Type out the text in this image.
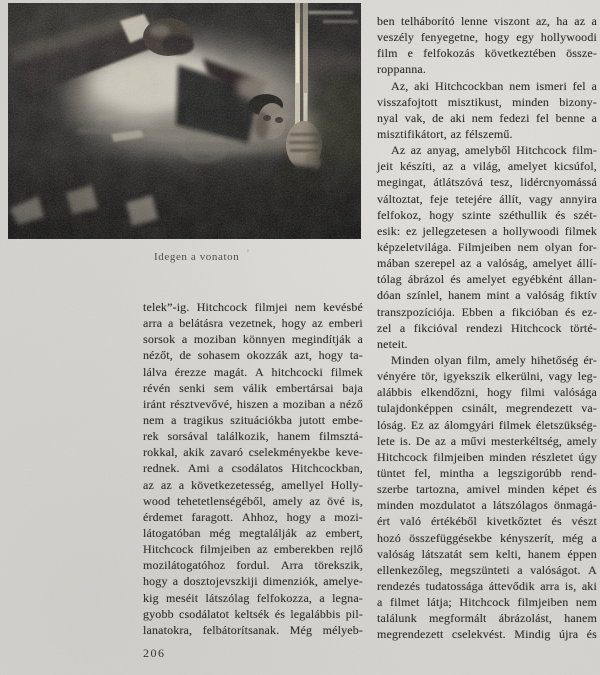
Idegen a vonaton $^ʼ$
telek”-ig. Hitchcock filmjei nem kevésbé
arra a belátásra vezetnek, hogy az emberi
sorsok a moziban könnyen megindítják a
nézőt, de sohasem okozzák azt, hogy ta-
lálva érezze magát. A hitchcocki filmek
révén senki sem válik embertársai baja
iránt résztvevővé, hiszen a moziban a néző
nem a tragikus szituációkba jutott embe-
rek sorsával találkozik, hanem filmsztá-
rokkal, akik zavaró cselekményekbe keve-
rednek. Ami a csodálatos Hitchcockban,
az az a következetesség, amellyel Holly-
wood tehetetlenségéből, amely az övé is,
érdemet faragott. Ahhoz, hogy a mozi-
látogatóban még megtalálják az embert,
Hitchcock filmjeiben az emberekben rejlő
mozilátogatóhoz fordul. Arra törekszik,
hogy a dosztojevszkiji dimenziók, amelye-
kig meséit látszólag felfokozza, a legna-
gyobb csodálatot keltsék és legalábbis pil-
lanatokra, felbátorítsanak. Még mélyeb-
ben telháborító lenne viszont az, ha az a
veszély fenyegetne, hogy egy hollywoodi
film e felfokozás következtében össze-
roppanna.
Az, aki Hitchcockban nem ismeri fel a
visszafojtott misztikust, minden bizony-
nyal vak, de aki nem fedezi fel benne a
misztifikátort, az félszemű.
Az az anyag, amelyből Hitchcock film-
jeit készíti, az a világ, amelyet kicsúfol,
megingat, átlátszóvá tesz, lidércnyomássá
változtat, feje tetejére állít, vagy annyira
felfokoz, hogy szinte széthullik és szét-
esik: ez jellegzetesen a hollywoodi filmek
képzeletvilága. Filmjeiben nem olyan for-
mában szerepel az a valóság, amelyet állí-
tólag ábrázol és amelyet egyébként állan-
dóan színlel, hanem mint a valóság fiktív
transzpozíciója. Ebben a fikcióban és ez-
zel a fikcióval rendezi Hitchcock törté-
neteit.
Minden olyan film, amely hihetőség ér-
vényére tör, igyekszik elkerülni, vagy leg-
alábbis elkendőzni, hogy filmi valósága
tulajdonképpen csinált, megrendezett va-
lóság. Ez az álomgyári filmek életszükség-
lete is. De az a művi mesterkéltség, amely
Hitchcock filmjeiben minden részletet úgy
tüntet fel, mintha a legszigorúbb rend-
szerbe tartozna, amivel minden képet és
minden mozdulatot a látszólagos önmagá-
ért való értékéből kivetkőztet és vészt
hozó összefüggésekbe kényszerít, még a
valóság látszatát sem kelti, hanem éppen
ellenkezőleg, megszünteti a valóságot. A
rendezés tudatossága áttevődik arra is, aki
a filmet látja; Hitchcock filmjeiben nem
találunk megformált ábrázolást, hanem
megrendezett cselekvést. Mindig újra és
206
